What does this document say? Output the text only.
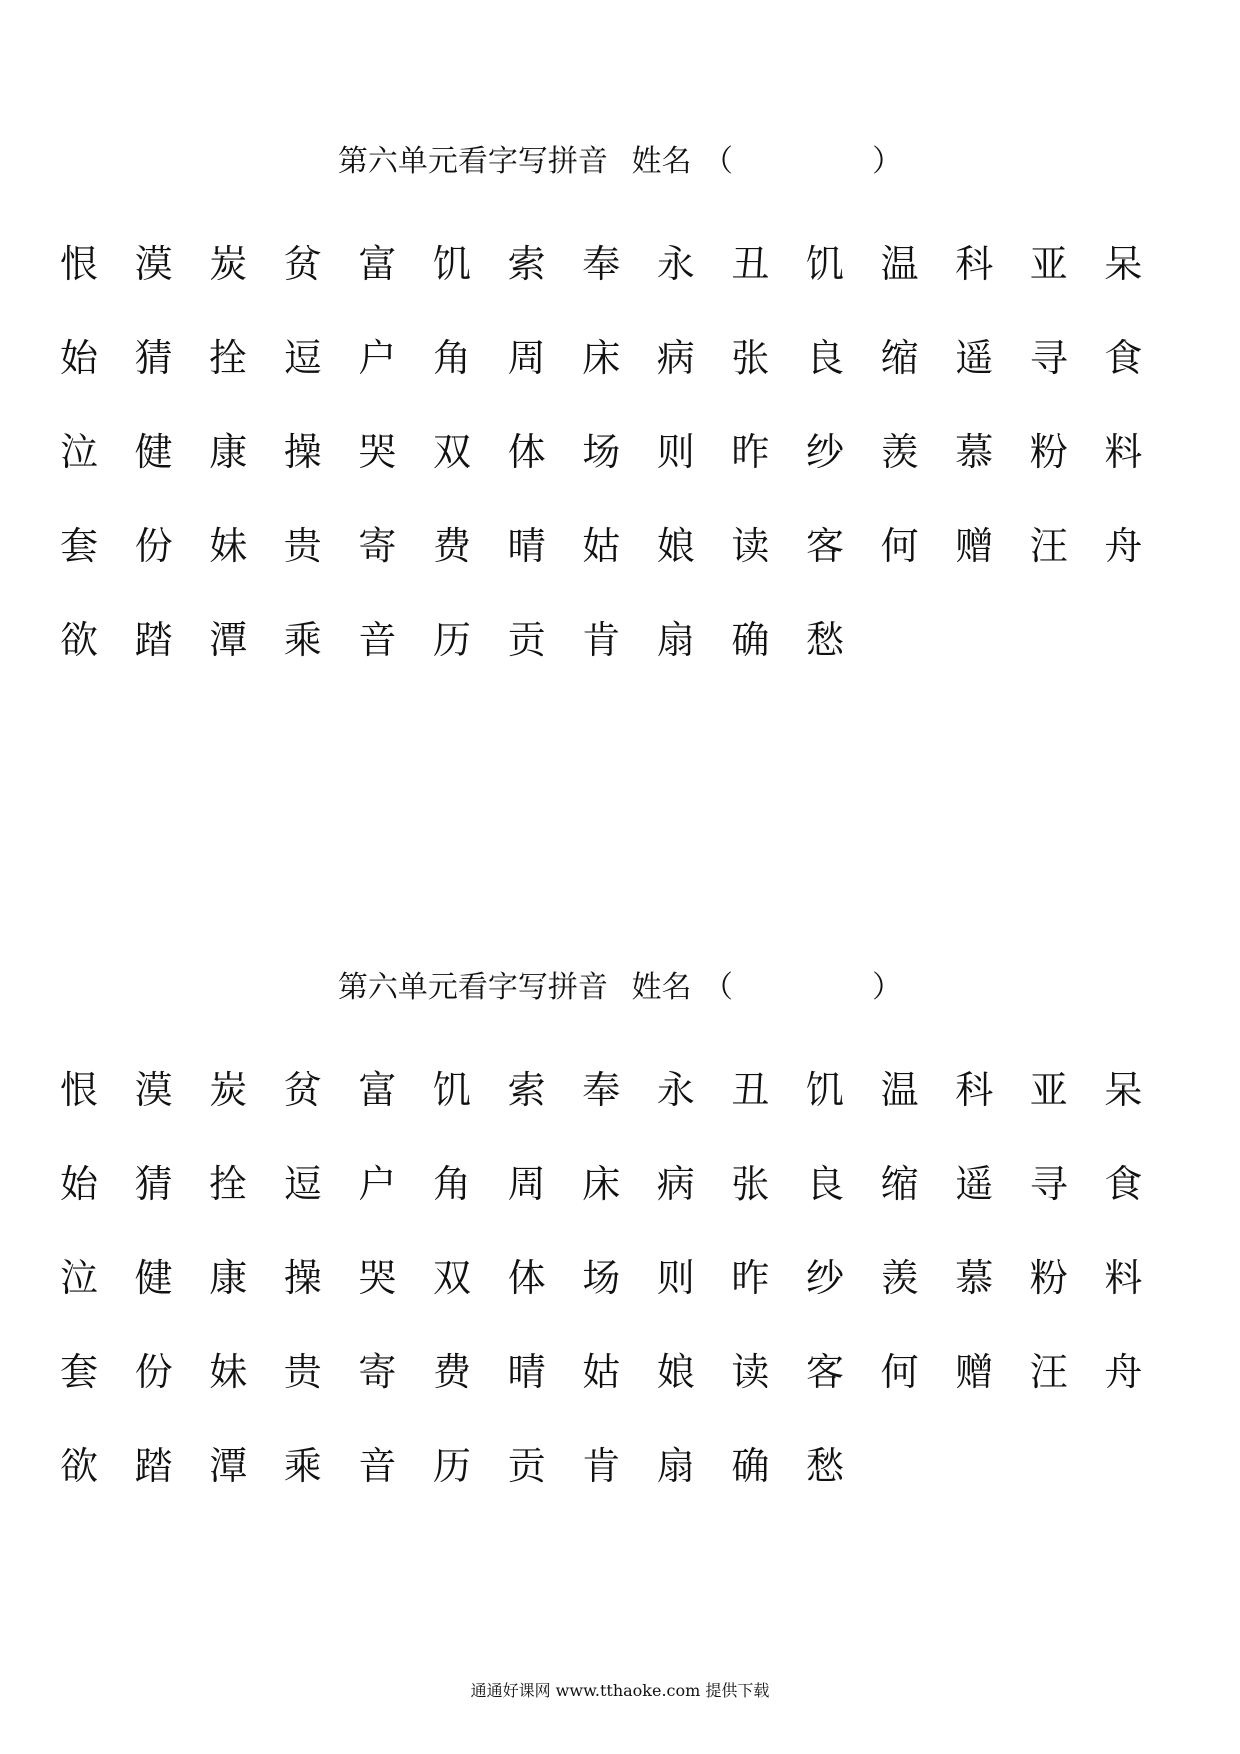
第六单元看字写拼音 姓名 （	）
恨 漠 炭 贫 富 饥 索 奉 永 丑 饥 温 科 亚 呆
始 猜 拴 逗 户 角 周 床 病 张 良 缩 遥 寻 食
泣 健 康 操 哭 双 体 场 则 昨 纱 羡 慕 粉 料
套 份 妹 贵 寄 费 晴 姑 娘 读 客 何 赠 汪 舟
欲 踏 潭 乘 音 历 贡 肯 扇 确 愁
第六单元看字写拼音 姓名 （	）
恨 漠 炭 贫 富 饥 索 奉 永 丑 饥 温 科 亚 呆
始 猜 拴 逗 户 角 周 床 病 张 良 缩 遥 寻 食
泣 健 康 操 哭 双 体 场 则 昨 纱 羡 慕 粉 料
套 份 妹 贵 寄 费 晴 姑 娘 读 客 何 赠 汪 舟
欲 踏 潭 乘 音 历 贡 肯 扇 确 愁
通通好课网 www.tthaoke.com 提供下载
